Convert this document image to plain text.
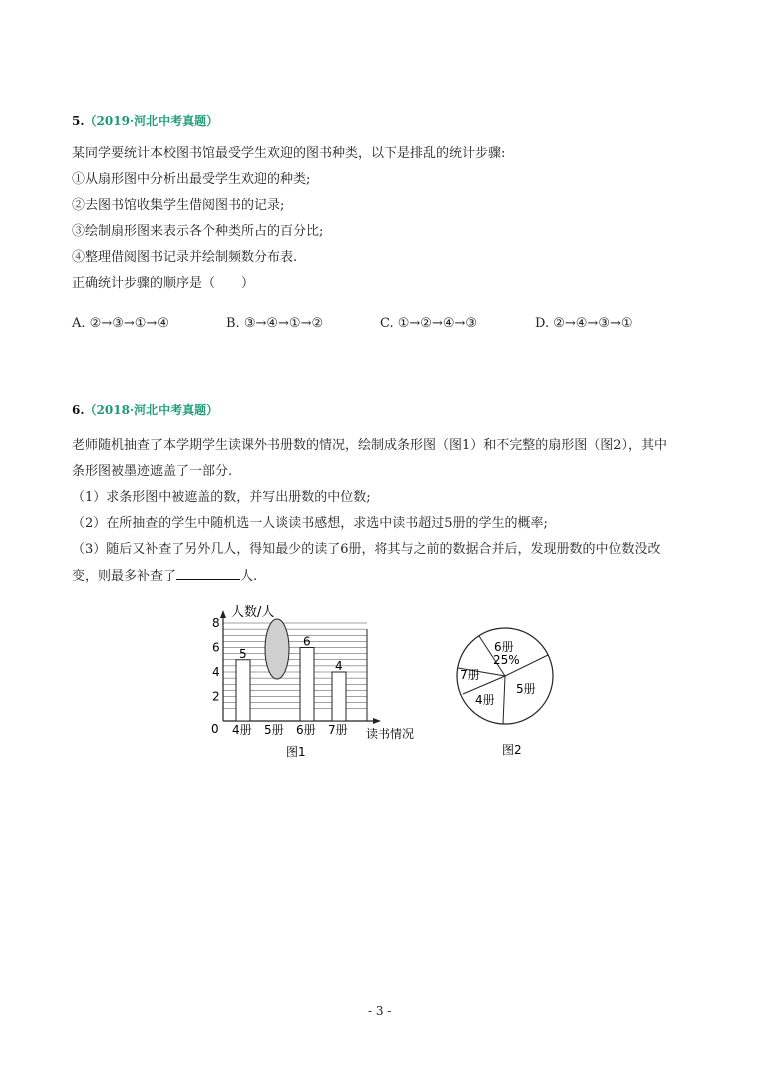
5.（2019·河北中考真题）
某同学要统计本校图书馆最受学生欢迎的图书种类，以下是排乱的统计步骤:
①从扇形图中分析出最受学生欢迎的种类;
②去图书馆收集学生借阅图书的记录;
③绘制扇形图来表示各个种类所占的百分比;
④整理借阅图书记录并绘制频数分布表.
正确统计步骤的顺序是（　　）
A. ②→③→①→④	B. ③→④→①→②	C. ①→②→④→③	D. ②→④→③→①
6.（2018·河北中考真题）
老师随机抽查了本学期学生读课外书册数的情况，绘制成条形图（图1）和不完整的扇形图（图2），其中
条形图被墨迹遮盖了一部分.
（1）求条形图中被遮盖的数，并写出册数的中位数;
（2）在所抽查的学生中随机选一人谈读书感想，求选中读书超过5册的学生的概率;
（3）随后又补查了另外几人，得知最少的读了6册，将其与之前的数据合并后，发现册数的中位数没改
变，则最多补查了	人.
2
4
6
8
5
4册 5册
6
6册
4
7册
人数/人
读书情况
0
图1
6册
25%
5册
4册
7册
图2
- 3 -
